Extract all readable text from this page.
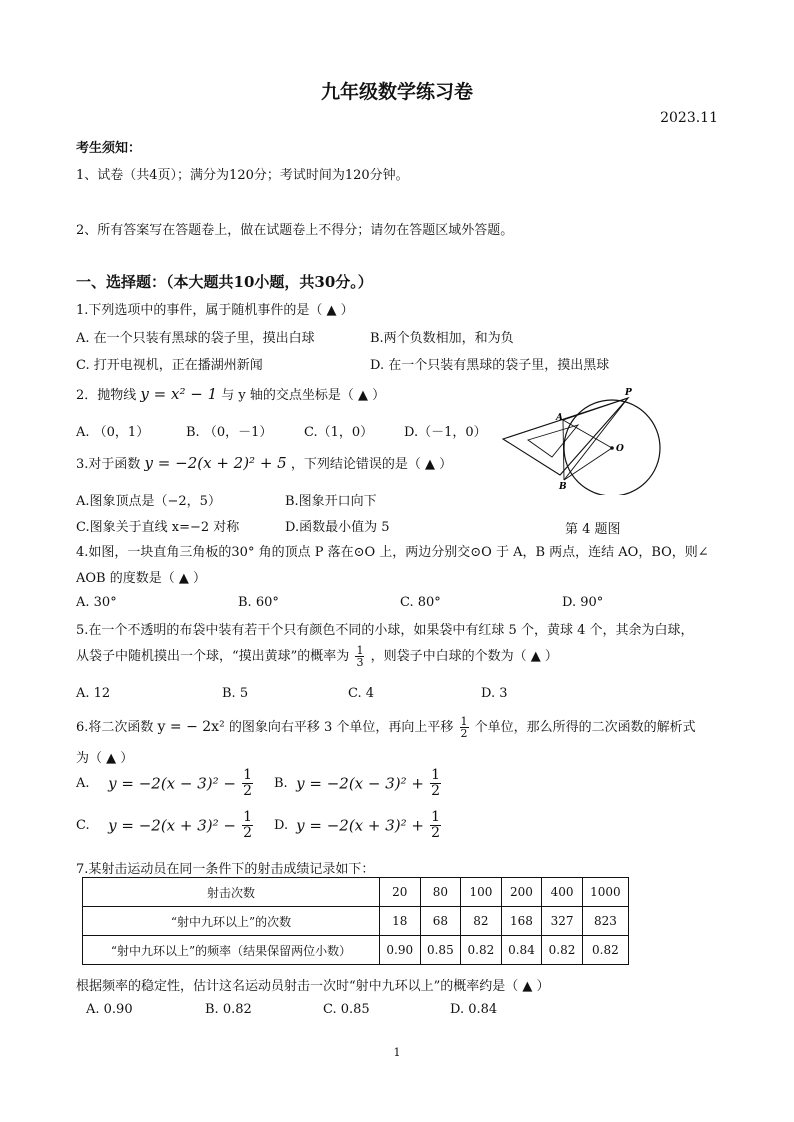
九年级数学练习卷
2023.11
考生须知：
1、试卷（共4页）；满分为120分；考试时间为120分钟。
2、所有答案写在答题卷上，做在试题卷上不得分；请勿在答题区域外答题。
一、选择题：（本大题共10小题，共30分。）
1.下列选项中的事件，属于随机事件的是（ ▲ ）
A. 在一个只装有黑球的袋子里，摸出白球	B.两个负数相加，和为负
C. 打开电视机，正在播湖州新闻	D. 在一个只装有黑球的袋子里，摸出黑球
2．抛物线 y = x² − 1 与 y 轴的交点坐标是（ ▲ ）
A. （0，1）	B. （0，－1） C.（1，0） D.（－1，0）
3.对于函数 y = −2(x + 2)² + 5 ，下列结论错误的是（ ▲ ）
A.图象顶点是（−2，5）	B.图象开口向下
C.图象关于直线 x=−2 对称	D.函数最小值为 5
P
A
B
O
第 4 题图
4.如图，一块直角三角板的30° 角的顶点 P 落在⊙O 上，两边分别交⊙O 于 A，B 两点，连结 AO，BO，则∠
AOB 的度数是（ ▲ ）
A. 30°	B. 60°	C. 80°	D. 90°
5.在一个不透明的布袋中装有若干个只有颜色不同的小球，如果袋中有红球 5 个，黄球 4 个，其余为白球，
从袋子中随机摸出一个球，“摸出黄球”的概率为 $\frac{1}{3}$ ，则袋子中白球的个数为（ ▲ ）
A. 12	B. 5	C. 4	D. 3
6.将二次函数 y = − 2x² 的图象向右平移 3 个单位，再向上平移 $\frac{1}{2}$ 个单位，那么所得的二次函数的解析式
为（ ▲ ）
A. $y = -2(x - 3)^2 - \frac{1}{2} B$. $y = -2(x - 3)^2 + \frac{1}{2}$
C. $y = -2(x + 3)^2 - \frac{1}{2} D$. $y = -2(x + 3)^2 + \frac{1}{2}$
7.某射击运动员在同一条件下的射击成绩记录如下：
射击次数	20	80	100	200	400	1000
“射中九环以上”的次数	18	68	82	168	327	823
“射中九环以上”的频率（结果保留两位小数）	0.90	0.85	0.82	0.84	0.82	0.82
根据频率的稳定性，估计这名运动员射击一次时“射中九环以上”的概率约是（ ▲ ）
A. 0.90	B. 0.82	C. 0.85	D. 0.84
1
